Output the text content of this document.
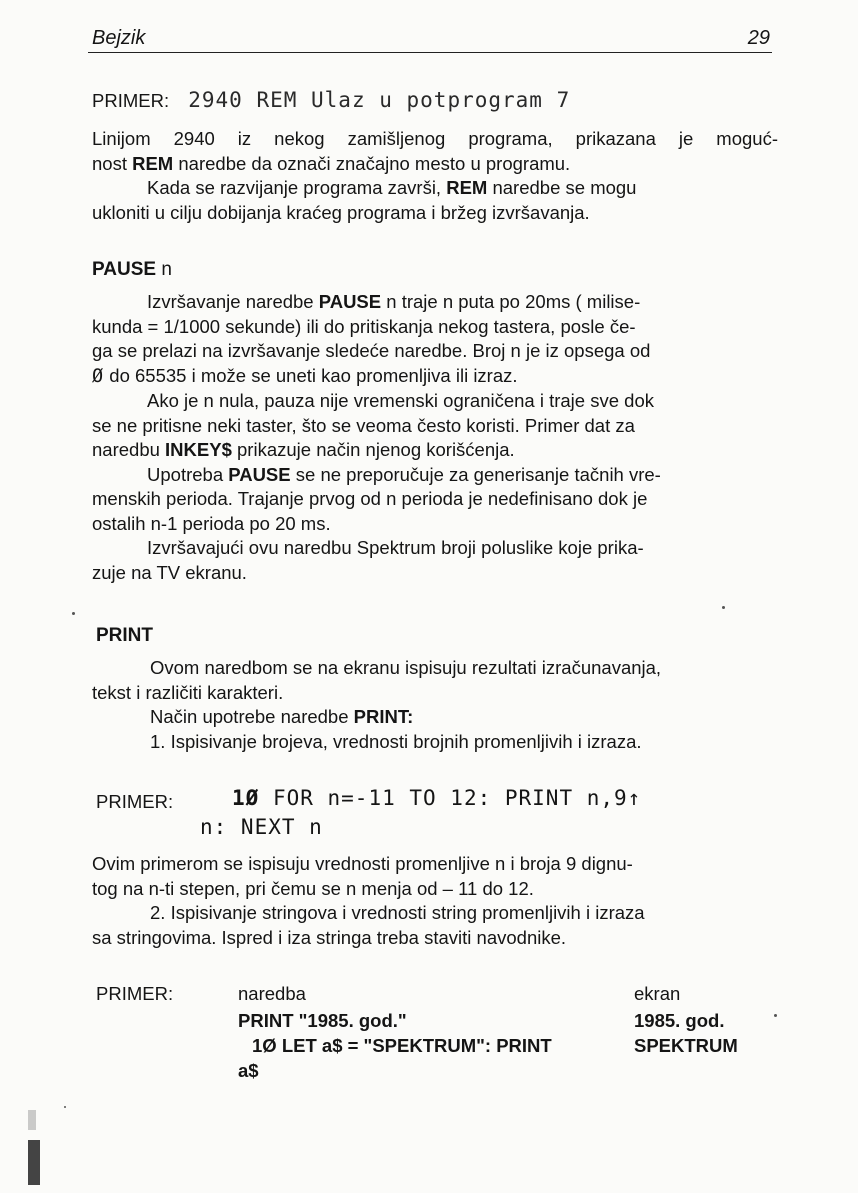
Bejzik	29
PRIMER: 2940 REM Ulaz u potprogram 7
Linijom 2940 iz nekog zamišljenog programa, prikazana je moguć-
nost REM naredbe da označi značajno mesto u programu.
Kada se razvijanje programa završi, REM naredbe se mogu
ukloniti u cilju dobijanja kraćeg programa i bržeg izvršavanja.
PAUSE n
Izvršavanje naredbe PAUSE n traje n puta po 20ms ( milise-
kunda = 1/1000 sekunde) ili do pritiskanja nekog tastera, posle če-
ga se prelazi na izvršavanje sledeće naredbe. Broj n je iz opsega od
Ø do 65535 i može se uneti kao promenljiva ili izraz.
Ako je n nula, pauza nije vremenski ograničena i traje sve dok
se ne pritisne neki taster, što se veoma često koristi. Primer dat za
naredbu INKEY$ prikazuje način njenog korišćenja.
Upotreba PAUSE se ne preporučuje za generisanje tačnih vre-
menskih perioda. Trajanje prvog od n perioda je nedefinisano dok je
ostalih n-1 perioda po 20 ms.
Izvršavajući ovu naredbu Spektrum broji poluslike koje prika-
zuje na TV ekranu.
PRINT
Ovom naredbom se na ekranu ispisuju rezultati izračunavanja,
tekst i različiti karakteri.
Način upotrebe naredbe PRINT:
1. Ispisivanje brojeva, vrednosti brojnih promenljivih i izraza.
PRIMER:	1Ø FOR n=-11 TO 12: PRINT n,9↑
n: NEXT n
Ovim primerom se ispisuju vrednosti promenljive n i broja 9 dignu-
tog na n-ti stepen, pri čemu se n menja od – 11 do 12.
2. Ispisivanje stringova i vrednosti string promenljivih i izraza
sa stringovima. Ispred i iza stringa treba staviti navodnike.
PRIMER:	naredba	ekran
PRINT "1985. god."	1985. god.
1Ø LET a$ = "SPEKTRUM": PRINT	SPEKTRUM
a$
